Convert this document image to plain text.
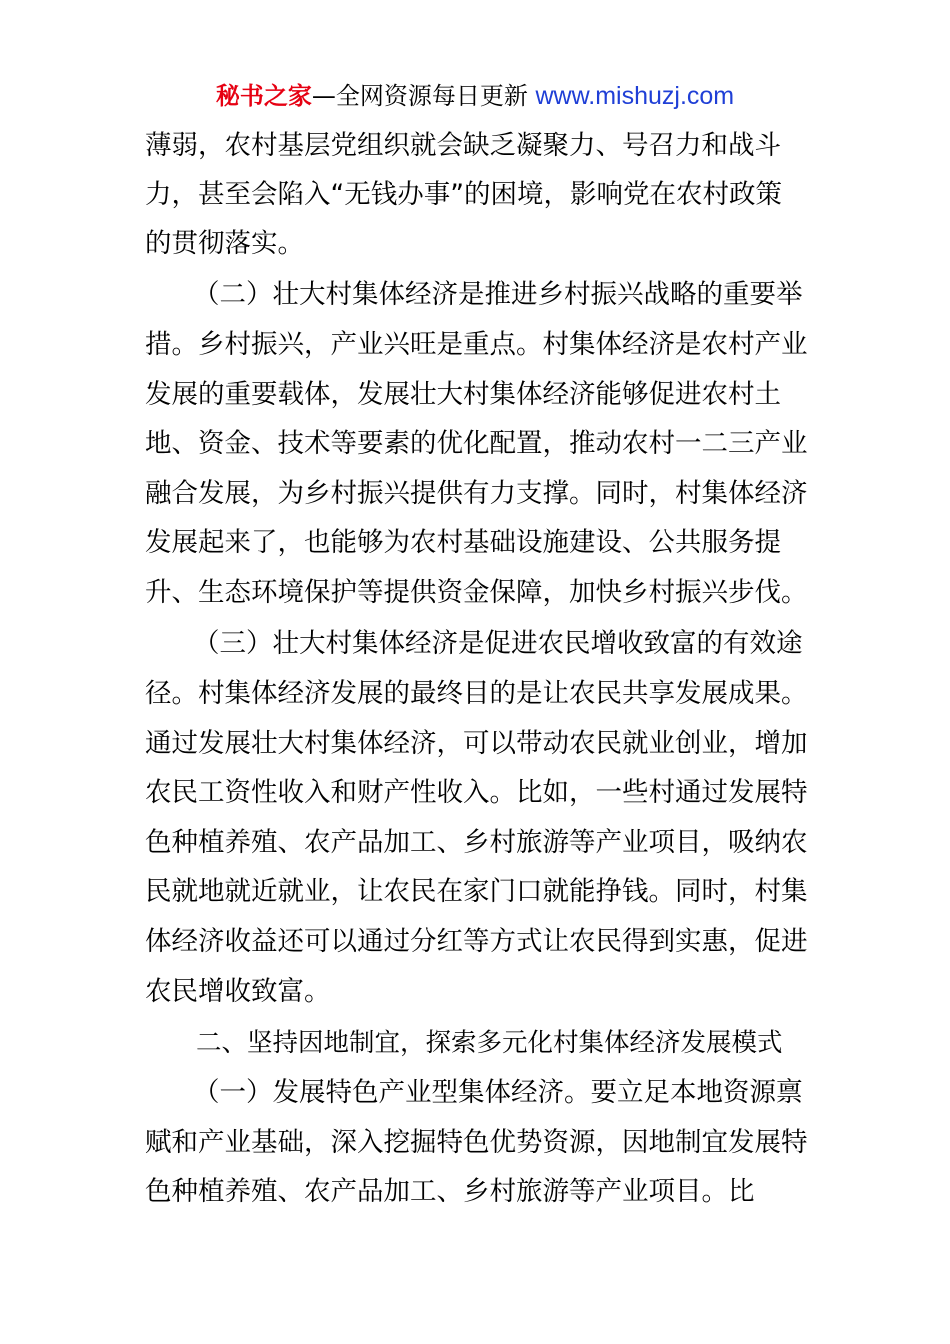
秘书之家—全网资源每日更新 www.mishuzj.com
薄弱，农村基层党组织就会缺乏凝聚力、号召力和战斗
力，甚至会陷入“无钱办事”的困境，影响党在农村政策
的贯彻落实。
（二）壮大村集体经济是推进乡村振兴战略的重要举
措。乡村振兴，产业兴旺是重点。村集体经济是农村产业
发展的重要载体，发展壮大村集体经济能够促进农村土
地、资金、技术等要素的优化配置，推动农村一二三产业
融合发展，为乡村振兴提供有力支撑。同时，村集体经济
发展起来了，也能够为农村基础设施建设、公共服务提
升、生态环境保护等提供资金保障，加快乡村振兴步伐。
（三）壮大村集体经济是促进农民增收致富的有效途
径。村集体经济发展的最终目的是让农民共享发展成果。
通过发展壮大村集体经济，可以带动农民就业创业，增加
农民工资性收入和财产性收入。比如，一些村通过发展特
色种植养殖、农产品加工、乡村旅游等产业项目，吸纳农
民就地就近就业，让农民在家门口就能挣钱。同时，村集
体经济收益还可以通过分红等方式让农民得到实惠，促进
农民增收致富。
二、坚持因地制宜，探索多元化村集体经济发展模式
（一）发展特色产业型集体经济。要立足本地资源禀
赋和产业基础，深入挖掘特色优势资源，因地制宜发展特
色种植养殖、农产品加工、乡村旅游等产业项目。比
